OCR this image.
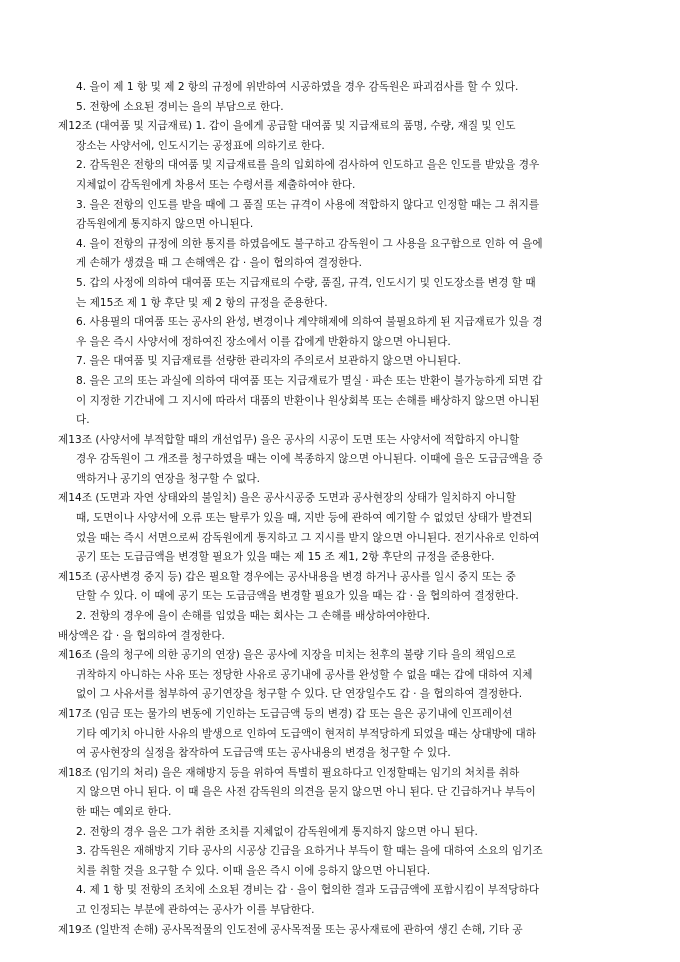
4. 을이 제 1 항 및 제 2 항의 규정에 위반하여 시공하였을 경우 감독원은 파괴검사를 할 수 있다.
5. 전항에 소요된 경비는 을의 부담으로 한다.
제12조 (대여품 및 지급재료) 1. 갑이 을에게 공급할 대여품 및 지급재료의 품명, 수량, 재질 및 인도
장소는 사양서에, 인도시기는 공정표에 의하기로 한다.
2. 감독원은 전항의 대여품 및 지급재료를 을의 입회하에 검사하여 인도하고 을은 인도를 받았을 경우
지체없이 감독원에게 차용서 또는 수령서를 제출하여야 한다.
3. 을은 전항의 인도를 받을 때에 그 품질 또는 규격이 사용에 적합하지 않다고 인정할 때는 그 취지를
감독원에게 통지하지 않으면 아니된다.
4. 을이 전항의 규정에 의한 통지를 하였음에도 불구하고 감독원이 그 사용을 요구함으로 인하 여 을에
게 손해가 생겼을 때 그 손해액은 갑 · 을이 협의하여 결정한다.
5. 갑의 사정에 의하여 대여품 또는 지급재료의 수량, 품질, 규격, 인도시기 및 인도장소를 변경 할 때
는 제15조 제 1 항 후단 및 제 2 항의 규정을 준용한다.
6. 사용필의 대여품 또는 공사의 완성, 변경이나 계약해제에 의하여 불필요하게 된 지급재료가 있을 경
우 을은 즉시 사양서에 정하여진 장소에서 이를 갑에게 반환하지 않으면 아니된다.
7. 을은 대여품 및 지급재료를 선량한 관리자의 주의로서 보관하지 않으면 아니된다.
8. 을은 고의 또는 과실에 의하여 대여품 또는 지급재료가 멸실 · 파손 또는 반환이 불가능하게 되면 갑
이 지정한 기간내에 그 지시에 따라서 대품의 반환이나 원상회복 또는 손해를 배상하지 않으면 아니된
다.
제13조 (사양서에 부적합할 때의 개선업무) 을은 공사의 시공이 도면 또는 사양서에 적합하지 아니할
경우 감독원이 그 개조를 청구하였을 때는 이에 복종하지 않으면 아니된다. 이때에 을은 도급금액을 증
액하거나 공기의 연장을 청구할 수 없다.
제14조 (도면과 자연 상태와의 불일치) 을은 공사시공중 도면과 공사현장의 상태가 일치하지 아니할
때, 도면이나 사양서에 오류 또는 탈루가 있을 때, 지반 등에 관하여 예기할 수 없었던 상태가 발견되
었을 때는 즉시 서면으로써 감독원에게 통지하고 그 지시를 받지 않으면 아니된다. 전기사유로 인하여
공기 또는 도급금액을 변경할 필요가 있을 때는 제 15 조 제1, 2항 후단의 규정을 준용한다.
제15조 (공사변경 중지 등) 갑은 필요할 경우에는 공사내용을 변경 하거나 공사를 일시 중지 또는 중
단할 수 있다. 이 때에 공기 또는 도급금액을 변경할 필요가 있을 때는 갑 · 을 협의하여 결정한다.
2. 전항의 경우에 을이 손해를 입었을 때는 회사는 그 손해를 배상하여야한다.
배상액은 갑 · 을 협의하여 결정한다.
제16조 (을의 청구에 의한 공기의 연장) 을은 공사에 지장을 미치는 천후의 불량 기타 을의 책임으로
귀착하지 아니하는 사유 또는 정당한 사유로 공기내에 공사를 완성할 수 없을 때는 갑에 대하여 지체
없이 그 사유서를 첨부하여 공기연장을 청구할 수 있다. 단 연장일수도 갑 · 을 협의하여 결정한다.
제17조 (임금 또는 물가의 변동에 기인하는 도급금액 등의 변경) 갑 또는 을은 공기내에 인프레이션
기타 예기치 아니한 사유의 발생으로 인하여 도급액이 현저히 부적당하게 되었을 때는 상대방에 대하
여 공사현장의 실정을 참작하여 도급금액 또는 공사내용의 변경을 청구할 수 있다.
제18조 (임기의 처리) 을은 재해방지 등을 위하여 특별히 필요하다고 인정할때는 임기의 처치를 취하
지 않으면 아니 된다. 이 때 을은 사전 감독원의 의견을 묻지 않으면 아니 된다. 단 긴급하거나 부득이
한 때는 예외로 한다.
2. 전항의 경우 을은 그가 취한 조치를 지체없이 감독원에게 통지하지 않으면 아니 된다.
3. 감독원은 재해방지 기타 공사의 시공상 긴급을 요하거나 부득이 할 때는 을에 대하여 소요의 임기조
치를 취할 것을 요구할 수 있다. 이때 을은 즉시 이에 응하지 않으면 아니된다.
4. 제 1 항 및 전항의 조치에 소요된 경비는 갑 · 을이 협의한 결과 도급금액에 포함시킴이 부적당하다
고 인정되는 부분에 관하여는 공사가 이를 부담한다.
제19조 (일반적 손해) 공사목적물의 인도전에 공사목적물 또는 공사재료에 관하여 생긴 손해, 기타 공
